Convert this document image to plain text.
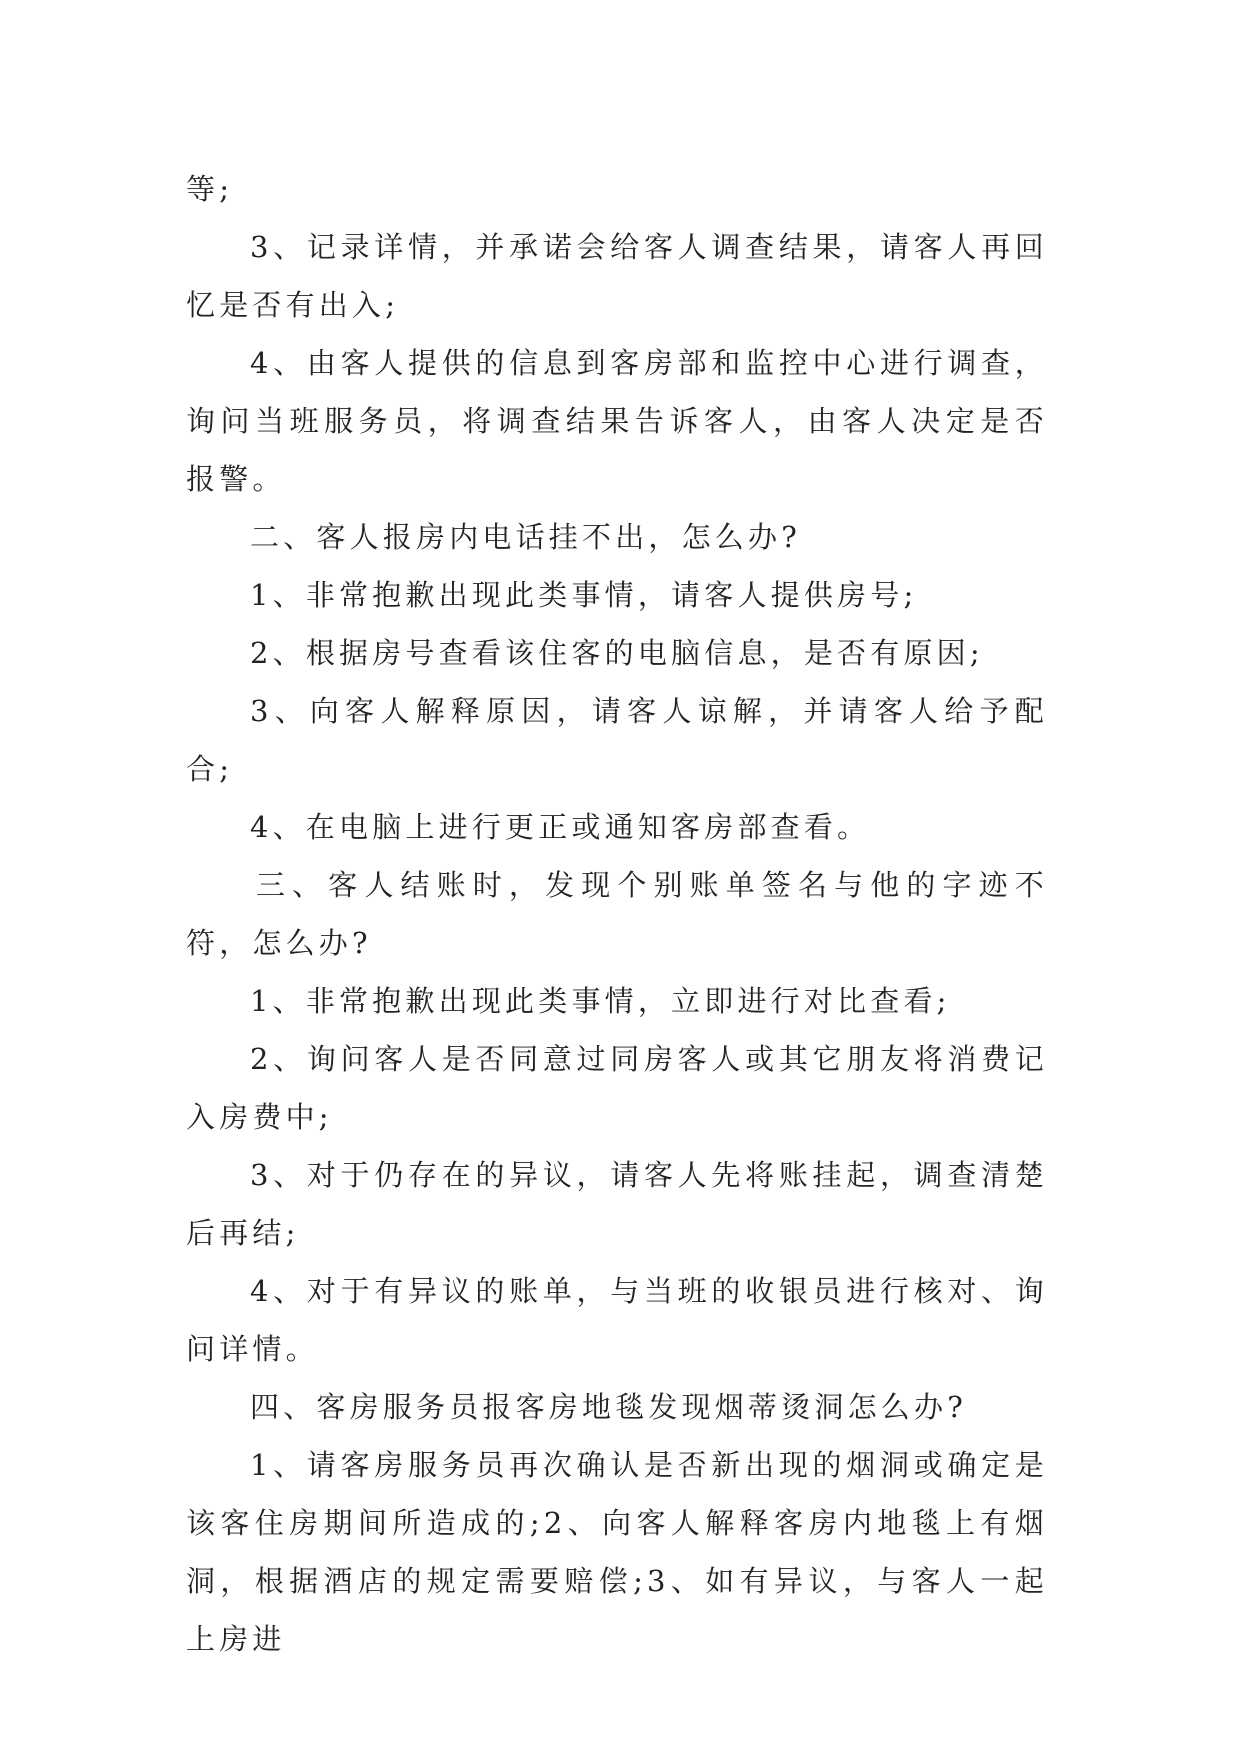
等;

3、记录详情，并承诺会给客人调查结果，请客人再回忆是否有出入;

4、由客人提供的信息到客房部和监控中心进行调查，询问当班服务员，将调查结果告诉客人，由客人决定是否报警。

二、客人报房内电话挂不出，怎么办?

1、非常抱歉出现此类事情，请客人提供房号;

2、根据房号查看该住客的电脑信息，是否有原因;

3、向客人解释原因，请客人谅解，并请客人给予配合;

4、在电脑上进行更正或通知客房部查看。

三、客人结账时，发现个别账单签名与他的字迹不符，怎么办?

1、非常抱歉出现此类事情，立即进行对比查看;

2、询问客人是否同意过同房客人或其它朋友将消费记入房费中;

3、对于仍存在的异议，请客人先将账挂起，调查清楚后再结;

4、对于有异议的账单，与当班的收银员进行核对、询问详情。

四、客房服务员报客房地毯发现烟蒂烫洞怎么办?

1、请客房服务员再次确认是否新出现的烟洞或确定是该客住房期间所造成的;2、向客人解释客房内地毯上有烟洞，根据酒店的规定需要赔偿;3、如有异议，与客人一起上房进
